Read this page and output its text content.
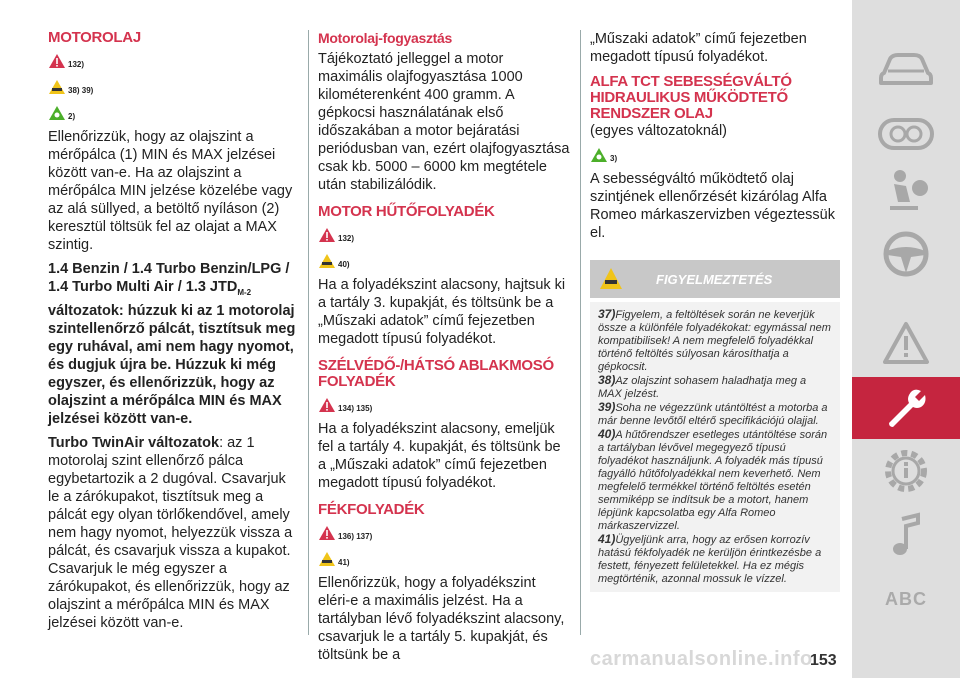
MOTOROLAJ
132)
38) 39)
2)

Ellenőrizzük, hogy az olajszint a mérőpálca (1) MIN és MAX jelzései között van-e. Ha az olajszint a mérőpálca MIN jelzése közelébe vagy az alá süllyed, a betöltő nyíláson (2) keresztül töltsük fel az olajat a MAX szintig.

1.4 Benzin / 1.4 Turbo Benzin/LPG / 1.4 Turbo Multi Air / 1.3 $JTD_{M-2}$

változatok: húzzuk ki az 1 motorolaj szintellenőrző pálcát, tisztítsuk meg egy ruhával, ami nem hagy nyomot, és dugjuk újra be. Húzzuk ki még egyszer, és ellenőrizzük, hogy az olajszint a mérőpálca MIN és MAX jelzései között van-e.

Turbo TwinAir változatok: az 1 motorolaj szint ellenőrző pálca egybetartozik a 2 dugóval. Csavarjuk le a zárókupakot, tisztítsuk meg a pálcát egy olyan törlőkendővel, amely nem hagy nyomot, helyezzük vissza a pálcát, és csavarjuk vissza a kupakot. Csavarjuk le még egyszer a zárókupakot, és ellenőrizzük, hogy az olajszint a mérőpálca MIN és MAX jelzései között van-e.

Motorolaj-fogyasztás

Tájékoztató jelleggel a motor maximális olajfogyasztása 1000 kilométerenként 400 gramm. A gépkocsi használatának első időszakában a motor bejáratási periódusban van, ezért olajfogyasztása csak kb. 5000 – 6000 km megtétele után stabilizálódik.

MOTOR HŰTŐFOLYADÉK
132)
40)

Ha a folyadékszint alacsony, hajtsuk ki a tartály 3. kupakját, és töltsünk be a „Műszaki adatok” című fejezetben megadott típusú folyadékot.

SZÉLVÉDŐ-/HÁTSÓ ABLAKMOSÓ FOLYADÉK
134) 135)

Ha a folyadékszint alacsony, emeljük fel a tartály 4. kupakját, és töltsünk be a „Műszaki adatok” című fejezetben megadott típusú folyadékot.

FÉKFOLYADÉK
136) 137)
41)

Ellenőrizzük, hogy a folyadékszint eléri-e a maximális jelzést. Ha a tartályban lévő folyadékszint alacsony, csavarjuk le a tartály 5. kupakját, és töltsünk be a

„Műszaki adatok” című fejezetben megadott típusú folyadékot.

ALFA TCT SEBESSÉGVÁLTÓ HIDRAULIKUS MŰKÖDTETŐ RENDSZER OLAJ

(egyes változatoknál)

3)

A sebességváltó működtető olaj szintjének ellenőrzését kizárólag Alfa Romeo márkaszervizben végeztessük el.

FIGYELMEZTETÉS
37)Figyelem, a feltöltések során ne keverjük össze a különféle folyadékokat: egymással nem kompatibilisek! A nem megfelelő folyadékkal történő feltöltés súlyosan károsíthatja a gépkocsit.
38)Az olajszint sohasem haladhatja meg a MAX jelzést.
39)Soha ne végezzünk utántöltést a motorba a már benne levőtől eltérő specifikációjú olajjal.
40)A hűtőrendszer esetleges utántöltése során a tartályban lévővel megegyező típusú folyadékot használjunk. A folyadék más típusú fagyálló hűtőfolyadékkal nem keverhető. Nem megfelelő termékkel történő feltöltés esetén semmiképp se indítsuk be a motort, hanem lépjünk kapcsolatba egy Alfa Romeo márkaszervizzel.
41)Ügyeljünk arra, hogy az erősen korrozív hatású fékfolyadék ne kerüljön érintkezésbe a festett, fényezett felületekkel. Ha ez mégis megtörténik, azonnal mossuk le vízzel.
ABC
carmanualsonline.info
153
